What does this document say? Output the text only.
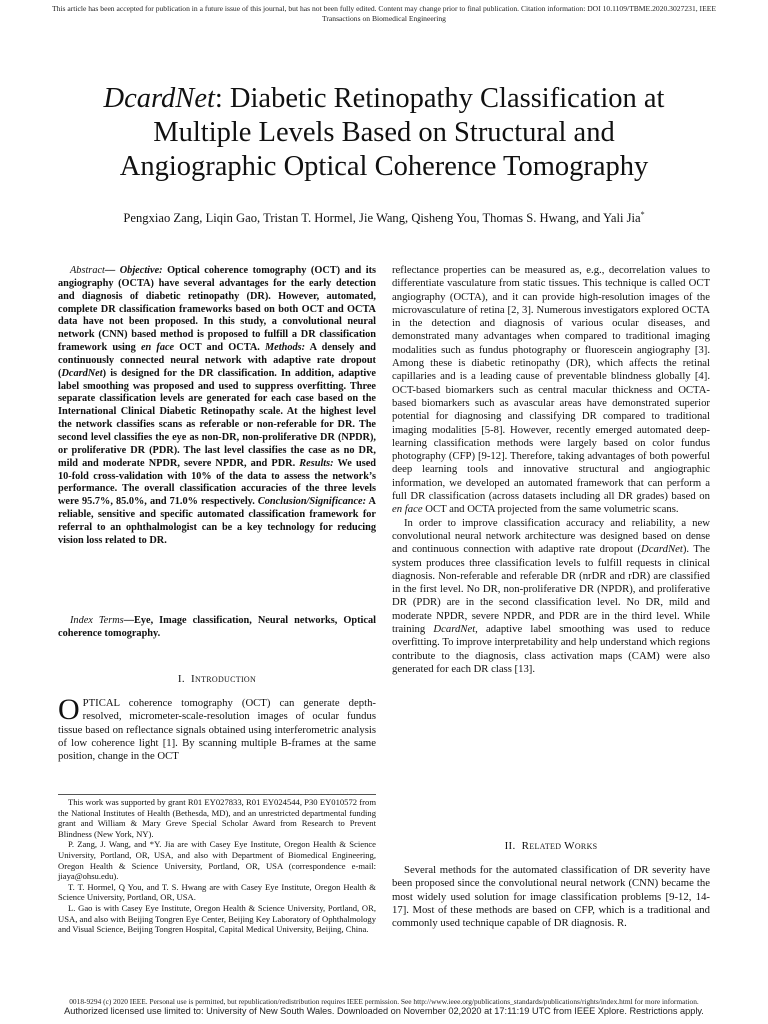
This article has been accepted for publication in a future issue of this journal, but has not been fully edited. Content may change prior to final publication. Citation information: DOI 10.1109/TBME.2020.3027231, IEEE
Transactions on Biomedical Engineering
DcardNet: Diabetic Retinopathy Classification at
Multiple Levels Based on Structural and
Angiographic Optical Coherence Tomography
Pengxiao Zang, Liqin Gao, Tristan T. Hormel, Jie Wang, Qisheng You, Thomas S. Hwang, and Yali Jia*

Abstract— Objective: Optical coherence tomography (OCT) and its angiography (OCTA) have several advantages for the early detection and diagnosis of diabetic retinopathy (DR). However, automated, complete DR classification frameworks based on both OCT and OCTA data have not been proposed. In this study, a convolutional neural network (CNN) based method is proposed to fulfill a DR classification framework using en face OCT and OCTA. Methods: A densely and continuously connected neural network with adaptive rate dropout (DcardNet) is designed for the DR classification. In addition, adaptive label smoothing was proposed and used to suppress overfitting. Three separate classification levels are generated for each case based on the International Clinical Diabetic Retinopathy scale. At the highest level the network classifies scans as referable or non-referable for DR. The second level classifies the eye as non-DR, non-proliferative DR (NPDR), or proliferative DR (PDR). The last level classifies the case as no DR, mild and moderate NPDR, severe NPDR, and PDR. Results: We used 10-fold cross-validation with 10% of the data to assess the network’s performance. The overall classification accuracies of the three levels were 95.7%, 85.0%, and 71.0% respectively. Conclusion/Significance: A reliable, sensitive and specific automated classification framework for referral to an ophthalmologist can be a key technology for reducing vision loss related to DR.

Index Terms—Eye, Image classification, Neural networks, Optical coherence tomography.

I. Introduction

OPTICAL coherence tomography (OCT) can generate depth-resolved, micrometer-scale-resolution images of ocular fundus tissue based on reflectance signals obtained using interferometric analysis of low coherence light [1]. By scanning multiple B-frames at the same position, change in the OCT

This work was supported by grant R01 EY027833, R01 EY024544, P30 EY010572 from the National Institutes of Health (Bethesda, MD), and an unrestricted departmental funding grant and William & Mary Greve Special Scholar Award from Research to Prevent Blindness (New York, NY).

P. Zang, J. Wang, and *Y. Jia are with Casey Eye Institute, Oregon Health & Science University, Portland, OR, USA, and also with Department of Biomedical Engineering, Oregon Health & Science University, Portland, OR, USA (correspondence e-mail: jiaya@ohsu.edu).

T. T. Hormel, Q You, and T. S. Hwang are with Casey Eye Institute, Oregon Health & Science University, Portland, OR, USA.

L. Gao is with Casey Eye Institute, Oregon Health & Science University, Portland, OR, USA, and also with Beijing Tongren Eye Center, Beijing Key Laboratory of Ophthalmology and Visual Science, Beijing Tongren Hospital, Capital Medical University, Beijing, China.

reflectance properties can be measured as, e.g., decorrelation values to differentiate vasculature from static tissues. This technique is called OCT angiography (OCTA), and it can provide high-resolution images of the microvasculature of retina [2, 3]. Numerous investigators explored OCTA in the detection and diagnosis of various ocular diseases, and demonstrated many advantages when compared to traditional imaging modalities such as fundus photography or fluorescein angiography [3]. Among these is diabetic retinopathy (DR), which affects the retinal capillaries and is a leading cause of preventable blindness globally [4]. OCT-based biomarkers such as central macular thickness and OCTA-based biomarkers such as avascular areas have demonstrated superior potential for diagnosing and classifying DR compared to traditional imaging modalities [5-8]. However, recently emerged automated deep-learning classification methods were largely based on color fundus photography (CFP) [9-12]. Therefore, taking advantages of both powerful deep learning tools and innovative structural and angiographic information, we developed an automated framework that can perform a full DR classification (across datasets including all DR grades) based on en face OCT and OCTA projected from the same volumetric scans.

In order to improve classification accuracy and reliability, a new convolutional neural network architecture was designed based on dense and continuous connection with adaptive rate dropout (DcardNet). The system produces three classification levels to fulfill requests in clinical diagnosis. Non-referable and referable DR (nrDR and rDR) are classified in the first level. No DR, non-proliferative DR (NPDR), and proliferative DR (PDR) are in the second classification level. No DR, mild and moderate NPDR, severe NPDR, and PDR are in the third level. While training DcardNet, adaptive label smoothing was used to reduce overfitting. To improve interpretability and help understand which regions contribute to the diagnosis, class activation maps (CAM) were also generated for each DR class [13].

II. Related Works

Several methods for the automated classification of DR severity have been proposed since the convolutional neural network (CNN) became the most widely used solution for image classification problems [9-12, 14-17]. Most of these methods are based on CFP, which is a traditional and commonly used technique capable of DR diagnosis. R.

0018-9294 (c) 2020 IEEE. Personal use is permitted, but republication/redistribution requires IEEE permission. See http://www.ieee.org/publications_standards/publications/rights/index.html for more information.
Authorized licensed use limited to: University of New South Wales. Downloaded on November 02,2020 at 17:11:19 UTC from IEEE Xplore. Restrictions apply.
